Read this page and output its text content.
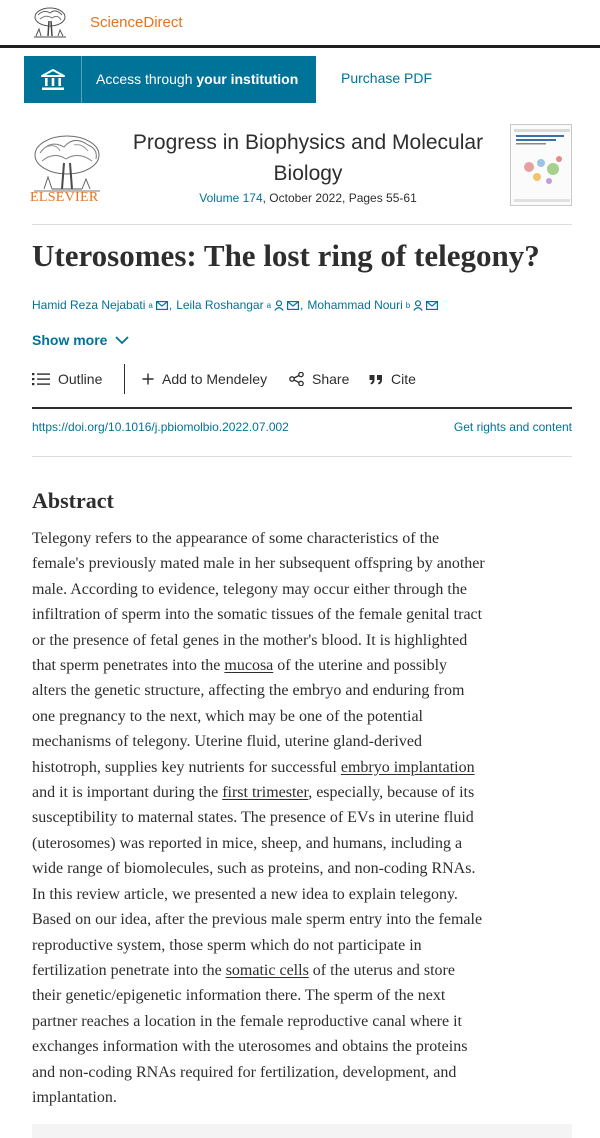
ScienceDirect
Access through your institution	Purchase PDF
ELSEVIER
Progress in Biophysics and Molecular Biology
Volume 174, October 2022, Pages 55-61
Uterosomes: The lost ring of telegony?
Hamid Reza Nejabati a , Leila Roshangar a , Mohammad Nouri b
Show more
Outline	Add to Mendeley	Share	Cite
https://doi.org/10.1016/j.pbiomolbio.2022.07.002	Get rights and content
Abstract
Telegony refers to the appearance of some characteristics of the
female's previously mated male in her subsequent offspring by another
male. According to evidence, telegony may occur either through the
infiltration of sperm into the somatic tissues of the female genital tract
or the presence of fetal genes in the mother's blood. It is highlighted
that sperm penetrates into the mucosa of the uterine and possibly
alters the genetic structure, affecting the embryo and enduring from
one pregnancy to the next, which may be one of the potential
mechanisms of telegony. Uterine fluid, uterine gland-derived
histotroph, supplies key nutrients for successful embryo implantation
and it is important during the first trimester, especially, because of its
susceptibility to maternal states. The presence of EVs in uterine fluid
(uterosomes) was reported in mice, sheep, and humans, including a
wide range of biomolecules, such as proteins, and non-coding RNAs.
In this review article, we presented a new idea to explain telegony.
Based on our idea, after the previous male sperm entry into the female
reproductive system, those sperm which do not participate in
fertilization penetrate into the somatic cells of the uterus and store
their genetic/epigenetic information there. The sperm of the next
partner reaches a location in the female reproductive canal where it
exchanges information with the uterosomes and obtains the proteins
and non-coding RNAs required for fertilization, development, and
implantation.
